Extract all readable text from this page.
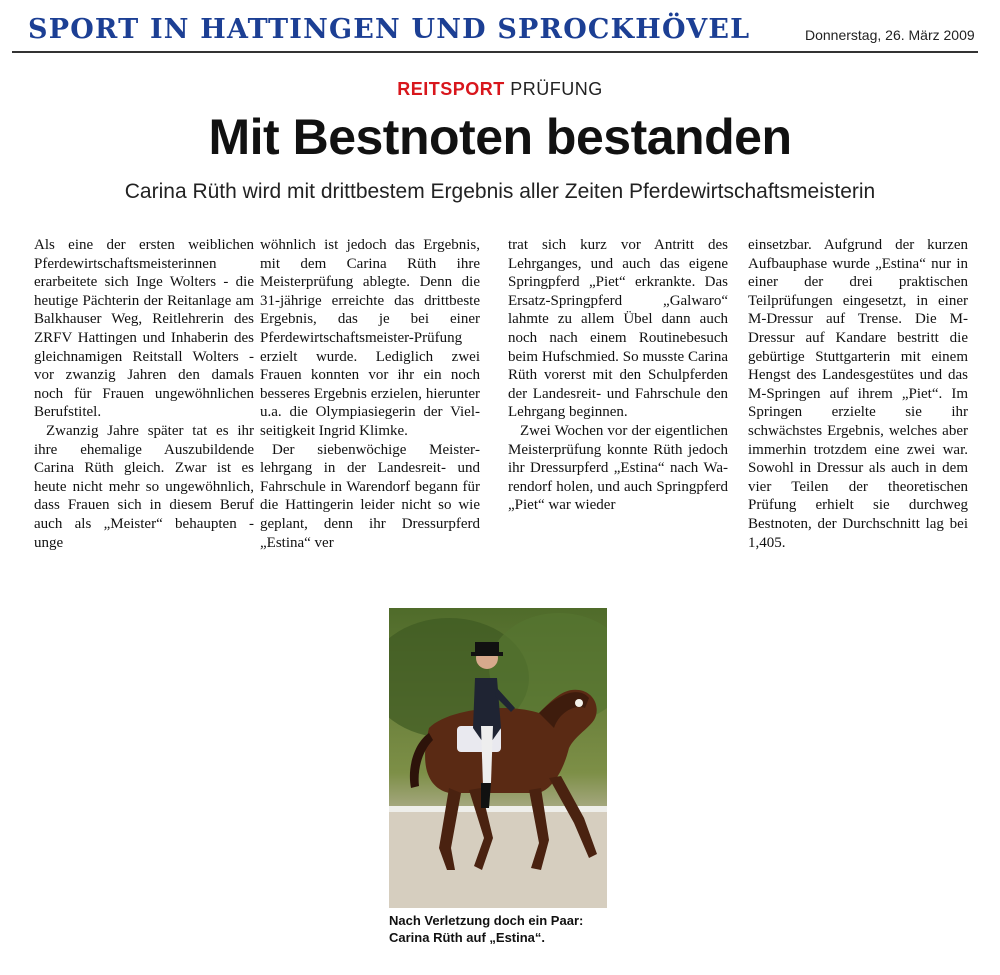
SPORT IN HATTINGEN UND SPROCKHÖVEL	Donnerstag, 26. März 2009
REITSPORT PRÜFUNG
Mit Bestnoten bestanden
Carina Rüth wird mit drittbestem Ergebnis aller Zeiten Pferdewirtschaftsmeisterin

Als eine der ersten weiblichen Pferdewirtschaftsmeisterinnen erarbeitete sich Inge Wolters - die heutige Pächterin der Reitanlage am Balkhauser Weg, Reitlehrerin des ZRFV Hattingen und Inhaberin des gleichnamigen Reitstall Wolters - vor zwanzig Jahren den damals noch für Frauen ungewöhnlichen Berufstitel.

Zwanzig Jahre später tat es ihr ihre ehemalige Auszubildende Carina Rüth gleich. Zwar ist es heute nicht mehr so ungewöhnlich, dass Frauen sich in diesem Beruf auch als „Meister“ behaupten - unge

wöhnlich ist jedoch das Ergebnis, mit dem Carina Rüth ihre Meisterprüfung ablegte. Denn die 31-jährige erreichte das drittbeste Ergebnis, das je bei einer Pferdewirtschaftsmeister-Prüfung erzielt wurde. Lediglich zwei Frauen konnten vor ihr ein noch besseres Ergebnis erzielen, hierunter u.a. die Olympiasiegerin der Vielseitigkeit Ingrid Klimke.

Der siebenwöchige Meisterlehrgang in der Landesreit- und Fahrschule in Warendorf begann für die Hattingerin leider nicht so wie geplant, denn ihr Dressurpferd „Estina“ ver

trat sich kurz vor Antritt des Lehrganges, und auch das eigene Springpferd „Piet“ erkrankte. Das Ersatz-Springpferd „Galwaro“ lahmte zu allem Übel dann auch noch nach einem Routinebesuch beim Hufschmied. So musste Carina Rüth vorerst mit den Schulpferden der Landesreit- und Fahrschule den Lehrgang beginnen.

Zwei Wochen vor der eigentlichen Meisterprüfung konnte Rüth jedoch ihr Dressurpferd „Estina“ nach Warendorf holen, und auch Springpferd „Piet“ war wieder

einsetzbar. Aufgrund der kurzen Aufbauphase wurde „Estina“ nur in einer der drei praktischen Teilprüfungen eingesetzt, in einer M-Dressur auf Trense. Die M-Dressur auf Kandare bestritt die gebürtige Stuttgarterin mit einem Hengst des Landesgestütes und das M-Springen auf ihrem „Piet“. Im Springen erzielte sie ihr schwächstes Ergebnis, welches aber immerhin trotzdem eine zwei war. Sowohl in Dressur als auch in dem vier Teilen der theoretischen Prüfung erhielt sie durchweg Bestnoten, der Durchschnitt lag bei 1,405.

Nach Verletzung doch ein Paar:
Carina Rüth auf „Estina“.
